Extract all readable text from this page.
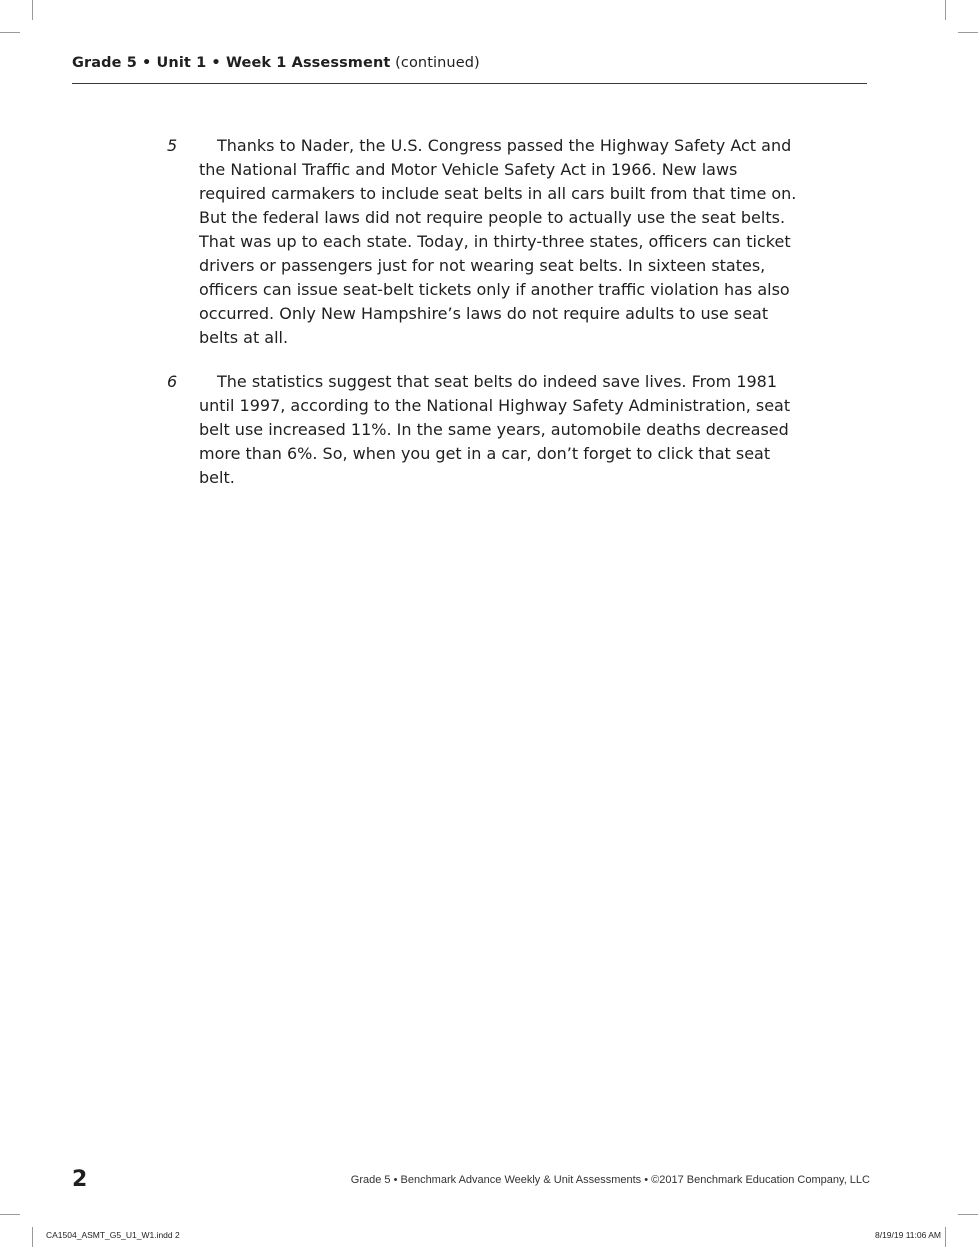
Grade 5 • Unit 1 • Week 1 Assessment (continued)
5	Thanks to Nader, the U.S. Congress passed the Highway Safety Act and the National Traffic and Motor Vehicle Safety Act in 1966. New laws required carmakers to include seat belts in all cars built from that time on. But the federal laws did not require people to actually use the seat belts. That was up to each state. Today, in thirty-three states, officers can ticket drivers or passengers just for not wearing seat belts. In sixteen states, officers can issue seat-belt tickets only if another traffic violation has also occurred. Only New Hampshire’s laws do not require adults to use seat belts at all.
6	The statistics suggest that seat belts do indeed save lives. From 1981 until 1997, according to the National Highway Safety Administration, seat belt use increased 11%. In the same years, automobile deaths decreased more than 6%. So, when you get in a car, don’t forget to click that seat belt.
2	Grade 5 • Benchmark Advance Weekly & Unit Assessments • ©2017 Benchmark Education Company, LLC
CA1504_ASMT_G5_U1_W1.indd 2	8/19/19 11:06 AM
